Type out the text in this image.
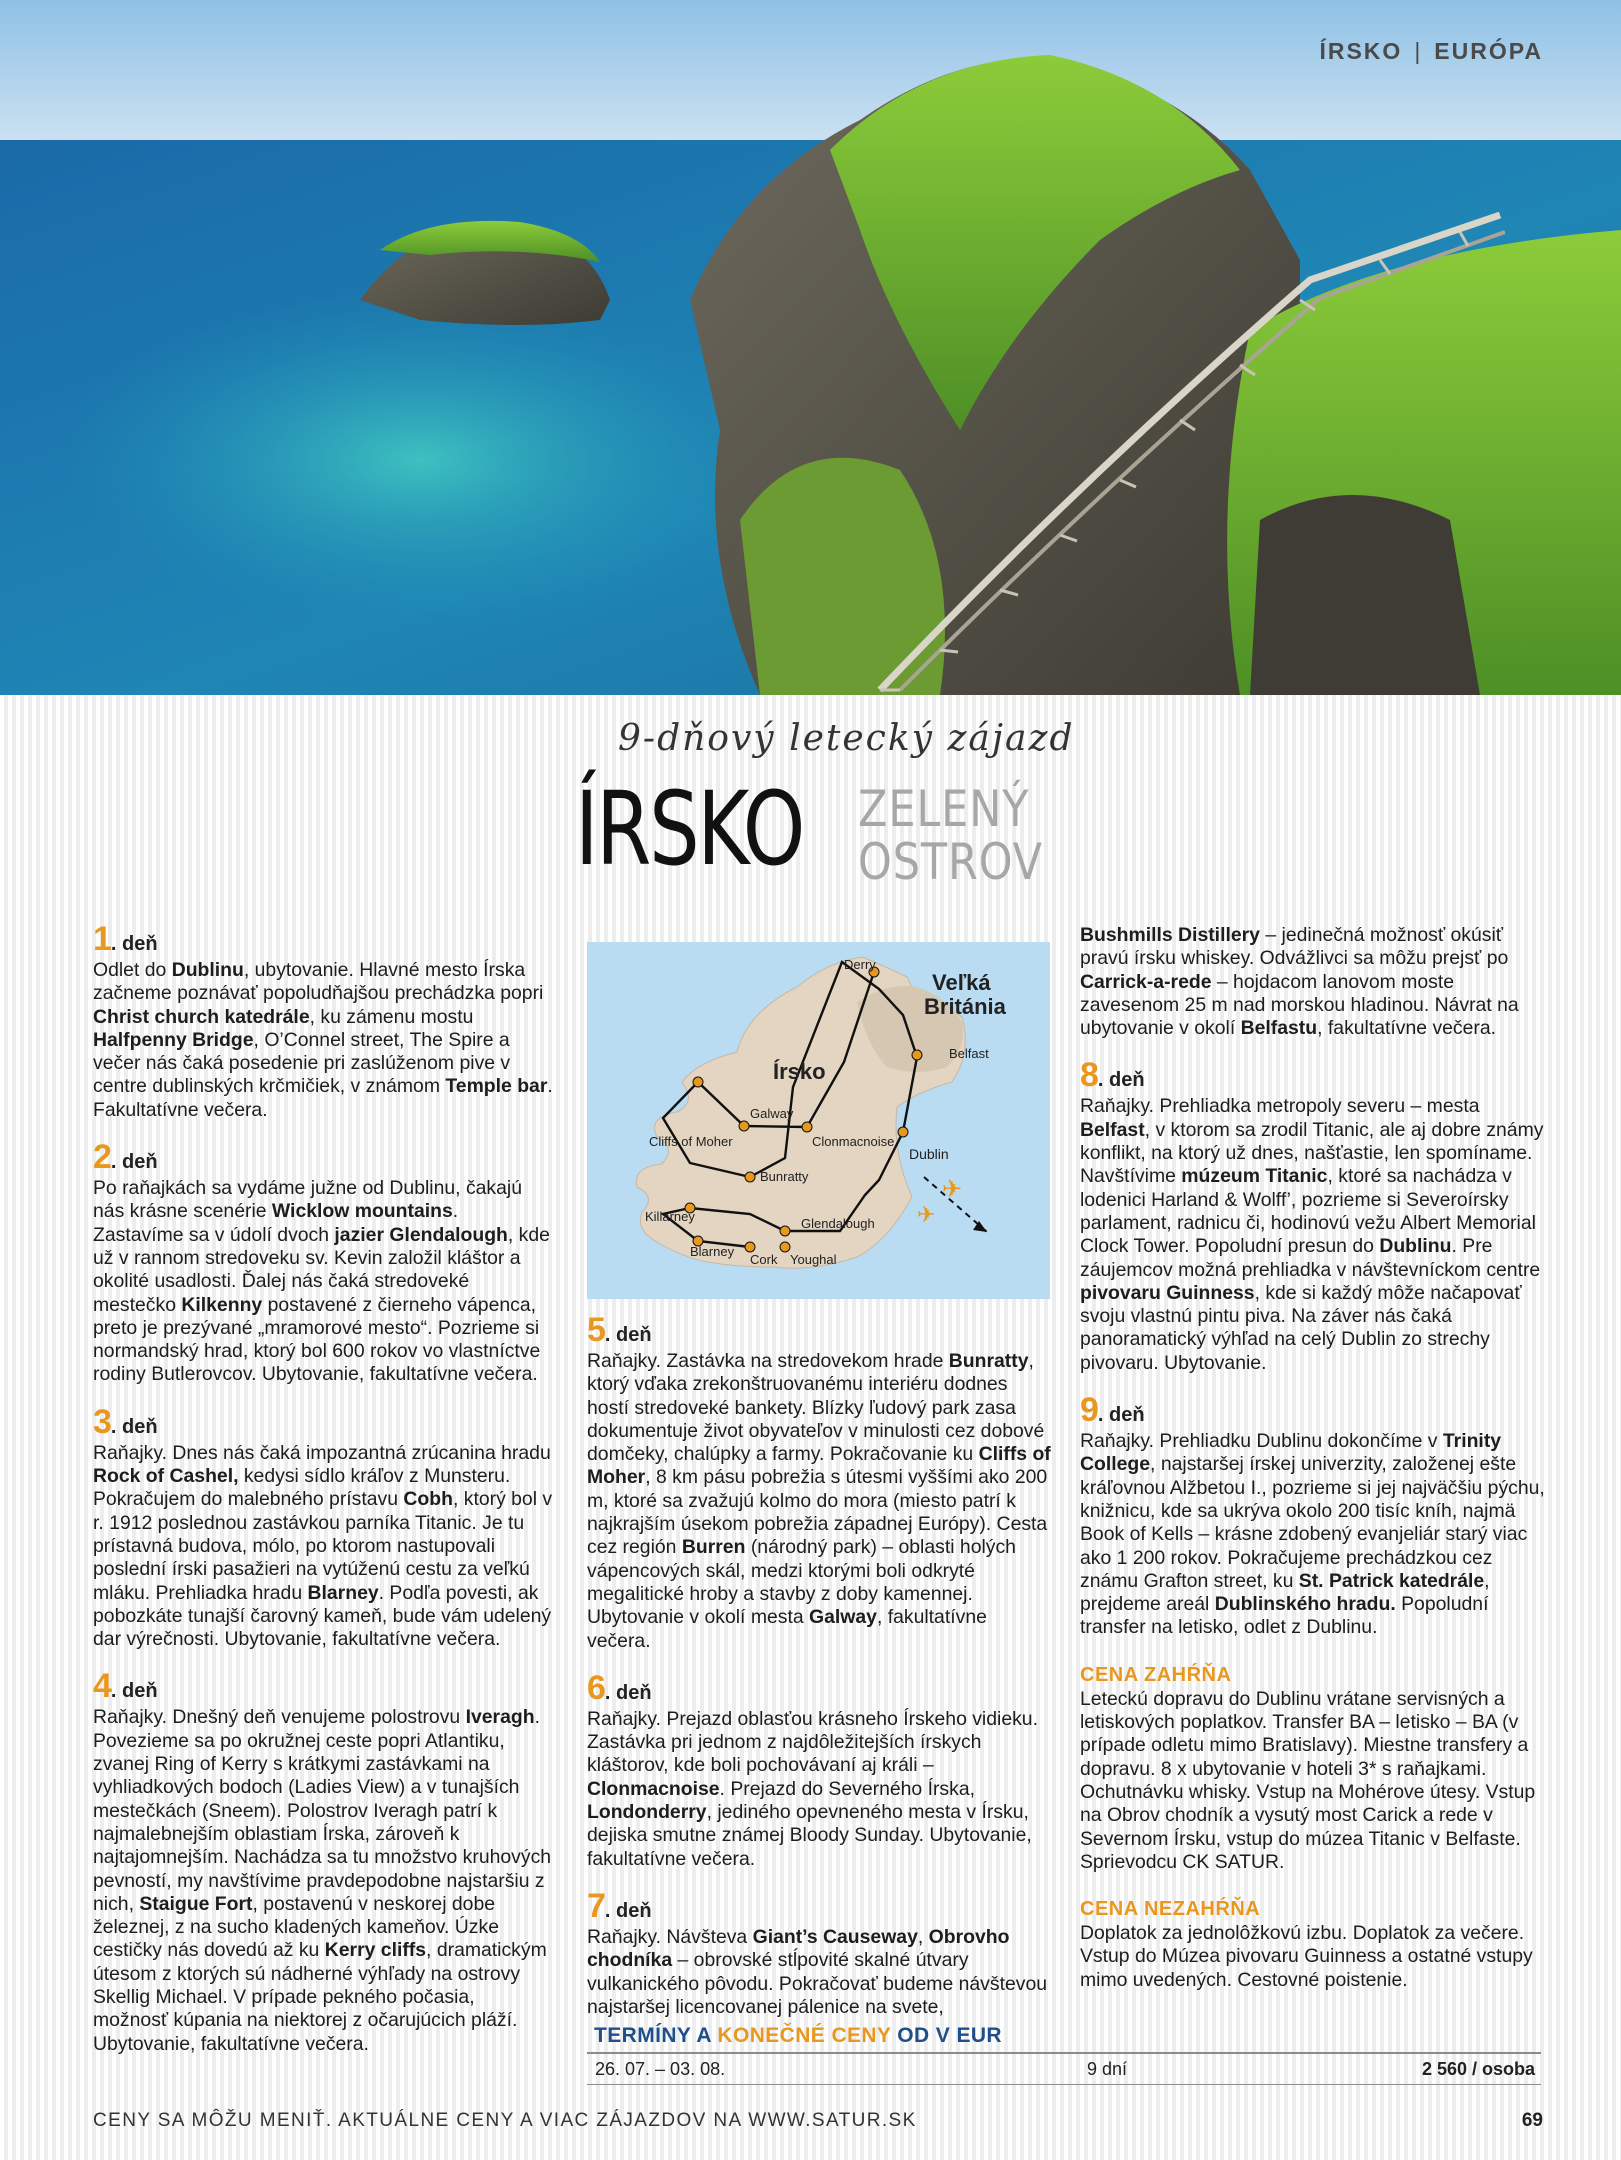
ÍRSKO | EURÓPA
9-dňový letecký zájazd
ÍRSKO ZELENÝ
OSTROV
1. deň

Odlet do Dublinu, ubytovanie. Hlavné mesto Írska začneme poznávať popoludňajšou prechádzka popri Christ church katedrále, ku zámenu mostu Halfpenny Bridge, O’Connel street, The Spire a večer nás čaká posedenie pri zaslúženom pive v centre dublinských krčmičiek, v známom Temple bar. Fakultatívne večera.

2. deň

Po raňajkách sa vydáme južne od Dublinu, čakajú nás krásne scenérie Wicklow mountains. Zastavíme sa v údolí dvoch jazier Glendalough, kde už v rannom stredoveku sv. Kevin založil kláštor a okolité usadlosti. Ďalej nás čaká stredoveké mestečko Kilkenny postavené z čierneho vápenca, preto je prezývané „mramorové mesto“. Pozrieme si normandský hrad, ktorý bol 600 rokov vo vlastníctve rodiny Butlerovcov. Ubytovanie, fakultatívne večera.

3. deň

Raňajky. Dnes nás čaká impozantná zrúcanina hradu Rock of Cashel, kedysi sídlo kráľov z Munsteru. Pokračujem do malebného prístavu Cobh, ktorý bol v r. 1912 poslednou zastávkou parníka Titanic. Je tu prístavná budova, mólo, po ktorom nastupovali poslední írski pasažieri na vytúženú cestu za veľkú mláku. Prehliadka hradu Blarney. Podľa povesti, ak pobozkáte tunajší čarovný kameň, bude vám udelený dar výrečnosti. Ubytovanie, fakultatívne večera.

4. deň

Raňajky. Dnešný deň venujeme polostrovu Iveragh. Povezieme sa po okružnej ceste popri Atlantiku, zvanej Ring of Kerry s krátkymi zastávkami na vyhliadkových bodoch (Ladies View) a v tunajších mestečkách (Sneem). Polostrov Iveragh patrí k najmalebnejším oblastiam Írska, zároveň k najtajomnejším. Nachádza sa tu množstvo kruhových pevností, my navštívime pravdepodobne najstaršiu z nich, Staigue Fort, postavenú v neskorej dobe železnej, z na sucho kladených kameňov. Úzke cestičky nás dovedú až ku Kerry cliffs, dramatickým útesom z ktorých sú nádherné výhľady na ostrovy Skellig Michael. V prípade pekného počasia, možnosť kúpania na niektorej z očarujúcich pláží. Ubytovanie, fakultatívne večera.

Derry
Veľká
Británia
Írsko
Belfast
Galway
Cliffs of Moher	Clonmacnoise
Dublin
Bunratty
Killarney	Glendalough
Blarney
Cork Youghal
✈
✈
5. deň

Raňajky. Zastávka na stredovekom hrade Bunratty, ktorý vďaka zrekonštruovanému interiéru dodnes hostí stredoveké bankety. Blízky ľudový park zasa dokumentuje život obyvateľov v minulosti cez dobové domčeky, chalúpky a farmy. Pokračovanie ku Cliffs of Moher, 8 km pásu pobrežia s útesmi vyššími ako 200 m, ktoré sa zvažujú kolmo do mora (miesto patrí k najkrajším úsekom pobrežia západnej Európy). Cesta cez región Burren (národný park) – oblasti holých vápencových skál, medzi ktorými boli odkryté megalitické hroby a stavby z doby kamennej. Ubytovanie v okolí mesta Galway, fakultatívne večera.

6. deň

Raňajky. Prejazd oblasťou krásneho Írskeho vidieku. Zastávka pri jednom z najdôležitejších írskych kláštorov, kde boli pochovávaní aj králi – Clonmacnoise. Prejazd do Severného Írska, Londonderry, jediného opevneného mesta v Írsku, dejiska smutne známej Bloody Sunday. Ubytovanie, fakultatívne večera.

7. deň

Raňajky. Návšteva Giant’s Causeway, Obrovho chodníka – obrovské stĺpovité skalné útvary vulkanického pôvodu. Pokračovať budeme návštevou najstaršej licencovanej pálenice na svete,

Bushmills Distillery – jedinečná možnosť okúsiť pravú írsku whiskey. Odvážlivci sa môžu prejsť po Carrick-a-rede – hojdacom lanovom moste zavesenom 25 m nad morskou hladinou. Návrat na ubytovanie v okolí Belfastu, fakultatívne večera.

8. deň

Raňajky. Prehliadka metropoly severu – mesta Belfast, v ktorom sa zrodil Titanic, ale aj dobre známy konflikt, na ktorý už dnes, našťastie, len spomíname. Navštívime múzeum Titanic, ktoré sa nachádza v lodenici Harland & Wolff’, pozrieme si Severoírsky parlament, radnicu či, hodinovú vežu Albert Memorial Clock Tower. Popoludní presun do Dublinu. Pre záujemcov možná prehliadka v návštevníckom centre pivovaru Guinness, kde si každý môže načapovať svoju vlastnú pintu piva. Na záver nás čaká panoramatický výhľad na celý Dublin zo strechy pivovaru. Ubytovanie.

9. deň

Raňajky. Prehliadku Dublinu dokončíme v Trinity College, najstaršej írskej univerzity, založenej ešte kráľovnou Alžbetou I., pozrieme si jej najväčšiu pýchu, knižnicu, kde sa ukrýva okolo 200 tisíc kníh, najmä Book of Kells – krásne zdobený evanjeliár starý viac ako 1 200 rokov. Pokračujeme prechádzkou cez známu Grafton street, ku St. Patrick katedrále, prejdeme areál Dublinského hradu. Popoludní transfer na letisko, odlet z Dublinu.

CENA ZAHŔŇA

Leteckú dopravu do Dublinu vrátane servisných a letiskových poplatkov. Transfer BA – letisko – BA (v prípade odletu mimo Bratislavy). Miestne transfery a dopravu. 8 x ubytovanie v hoteli 3* s raňajkami. Ochutnávku whisky. Vstup na Mohérove útesy. Vstup na Obrov chodník a vysutý most Carick a rede v Severnom Írsku, vstup do múzea Titanic v Belfaste. Sprievodcu CK SATUR.

CENA NEZAHŔŇA

Doplatok za jednolôžkovú izbu. Doplatok za večere. Vstup do Múzea pivovaru Guinness a ostatné vstupy mimo uvedených. Cestovné poistenie.

TERMÍNY A KONEČNÉ CENY OD V EUR
26. 07. – 03. 08.	9 dní	2 560 / osoba
CENY SA MÔŽU MENIŤ. AKTUÁLNE CENY A VIAC ZÁJAZDOV NA WWW.SATUR.SK	69
